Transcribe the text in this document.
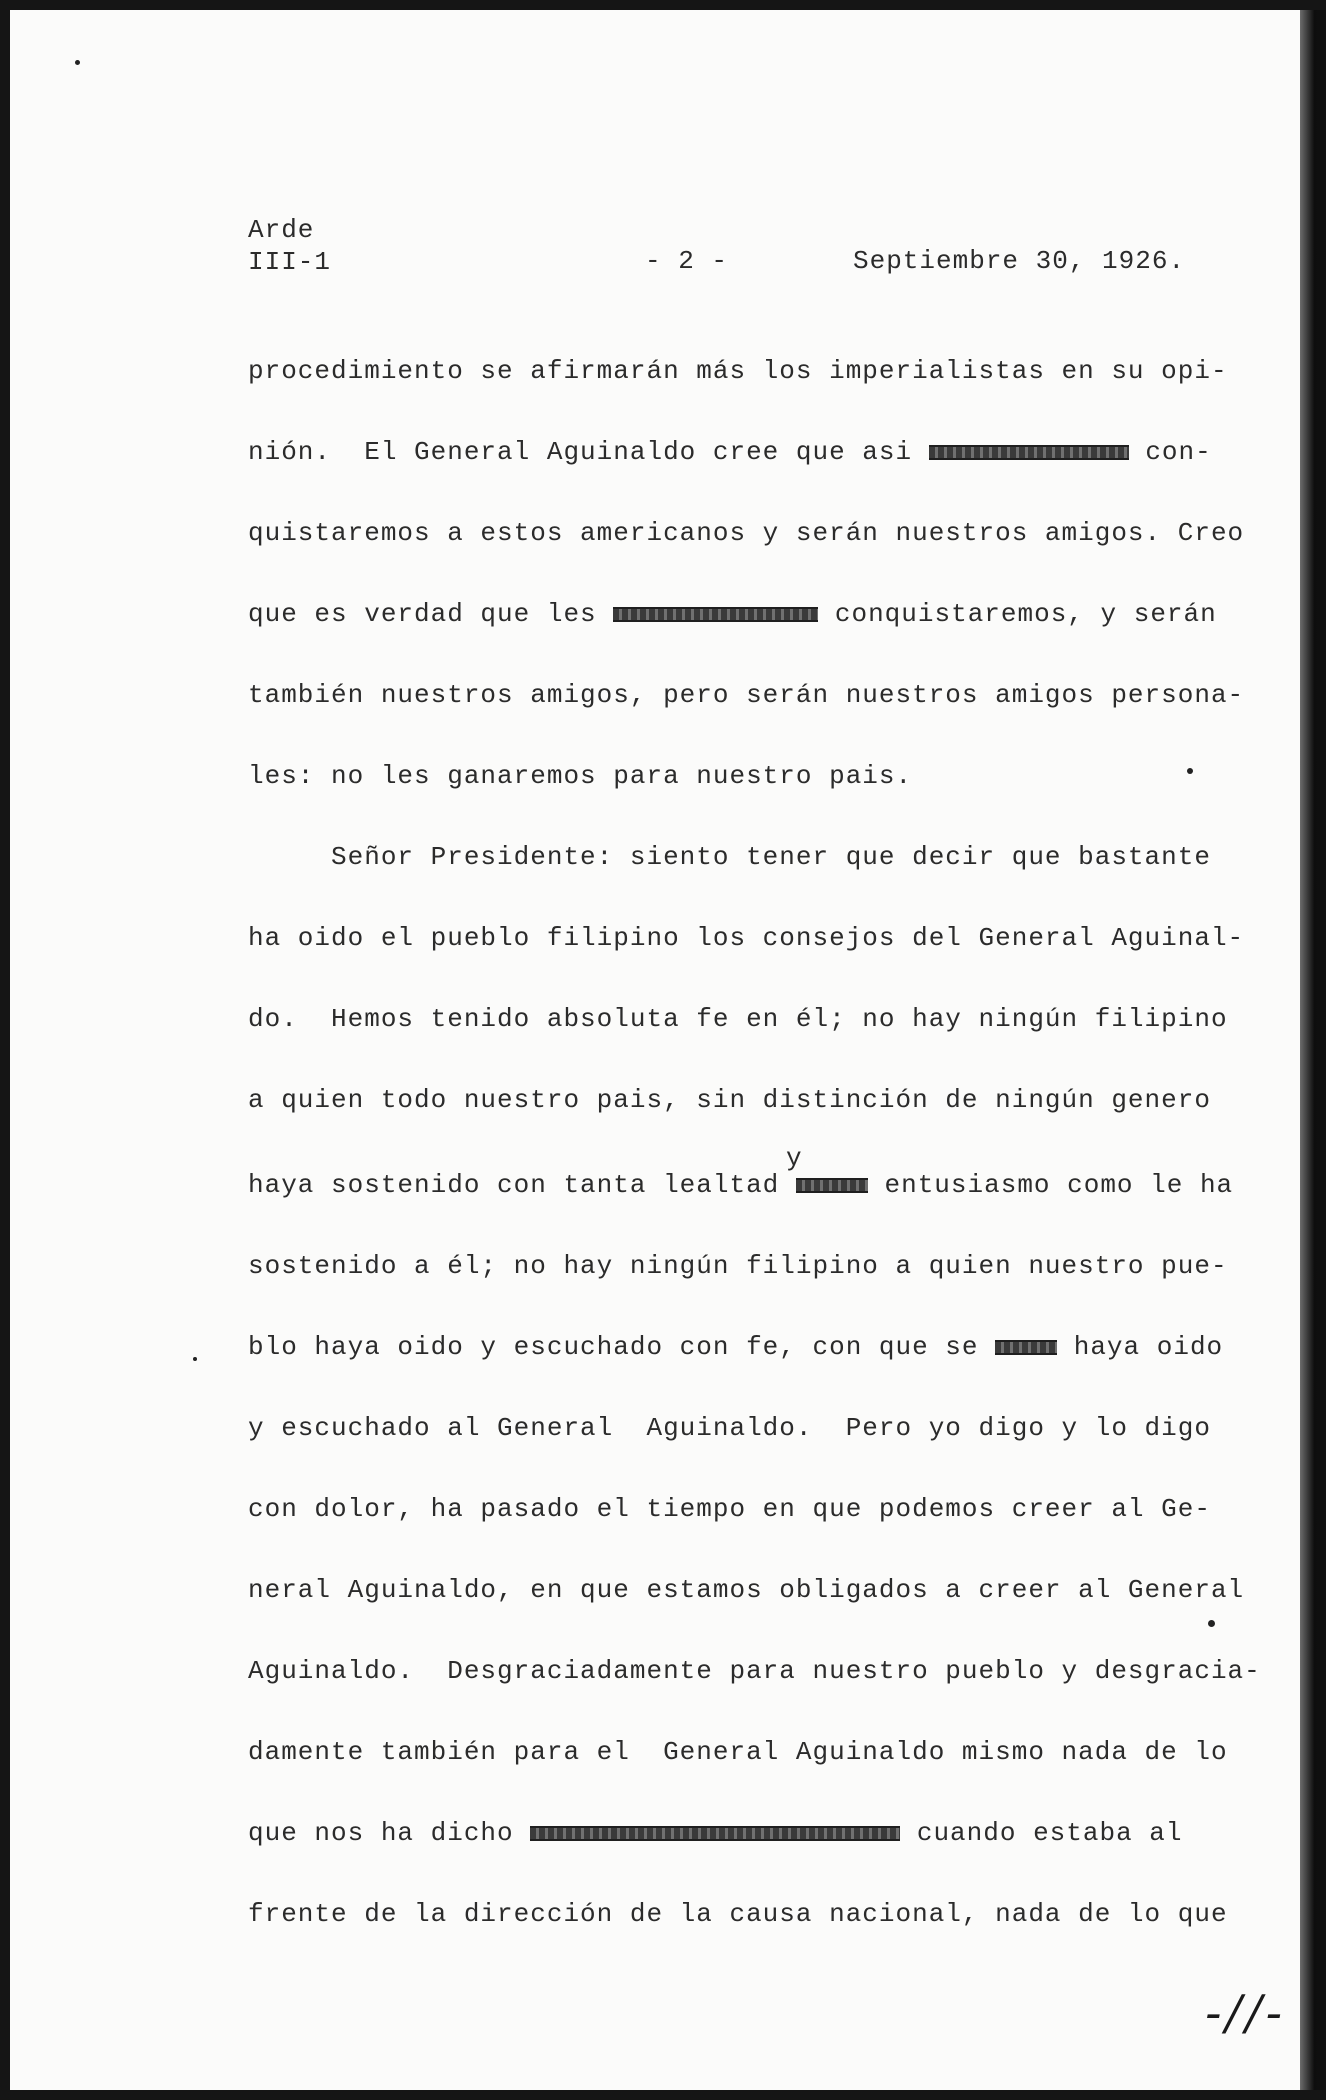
Arde
III-1	- 2 -	Septiembre 30, 1926.
procedimiento se afirmarán más los imperialistas en su opi-
nión.  El General Aguinaldo cree que asi	con-
quistaremos a estos americanos y serán nuestros amigos. Creo
que es verdad que les	conquistaremos, y serán
también nuestros amigos, pero serán nuestros amigos persona-
les: no les ganaremos para nuestro pais.
Señor Presidente: siento tener que decir que bastante
ha oido el pueblo filipino los consejos del General Aguinal-
do.  Hemos tenido absoluta fe en él; no hay ningún filipino
a quien todo nuestro pais, sin distinción de ningún genero
y
haya sostenido con tanta lealtad	entusiasmo como le ha
sostenido a él; no hay ningún filipino a quien nuestro pue-
blo haya oido y escuchado con fe, con que se  haya oido
y escuchado al General  Aguinaldo.  Pero yo digo y lo digo
con dolor, ha pasado el tiempo en que podemos creer al Ge-
neral Aguinaldo, en que estamos obligados a creer al General
Aguinaldo.  Desgraciadamente para nuestro pueblo y desgracia-
damente también para el  General Aguinaldo mismo nada de lo
que nos ha dicho	cuando estaba al
frente de la dirección de la causa nacional, nada de lo que
-//-
